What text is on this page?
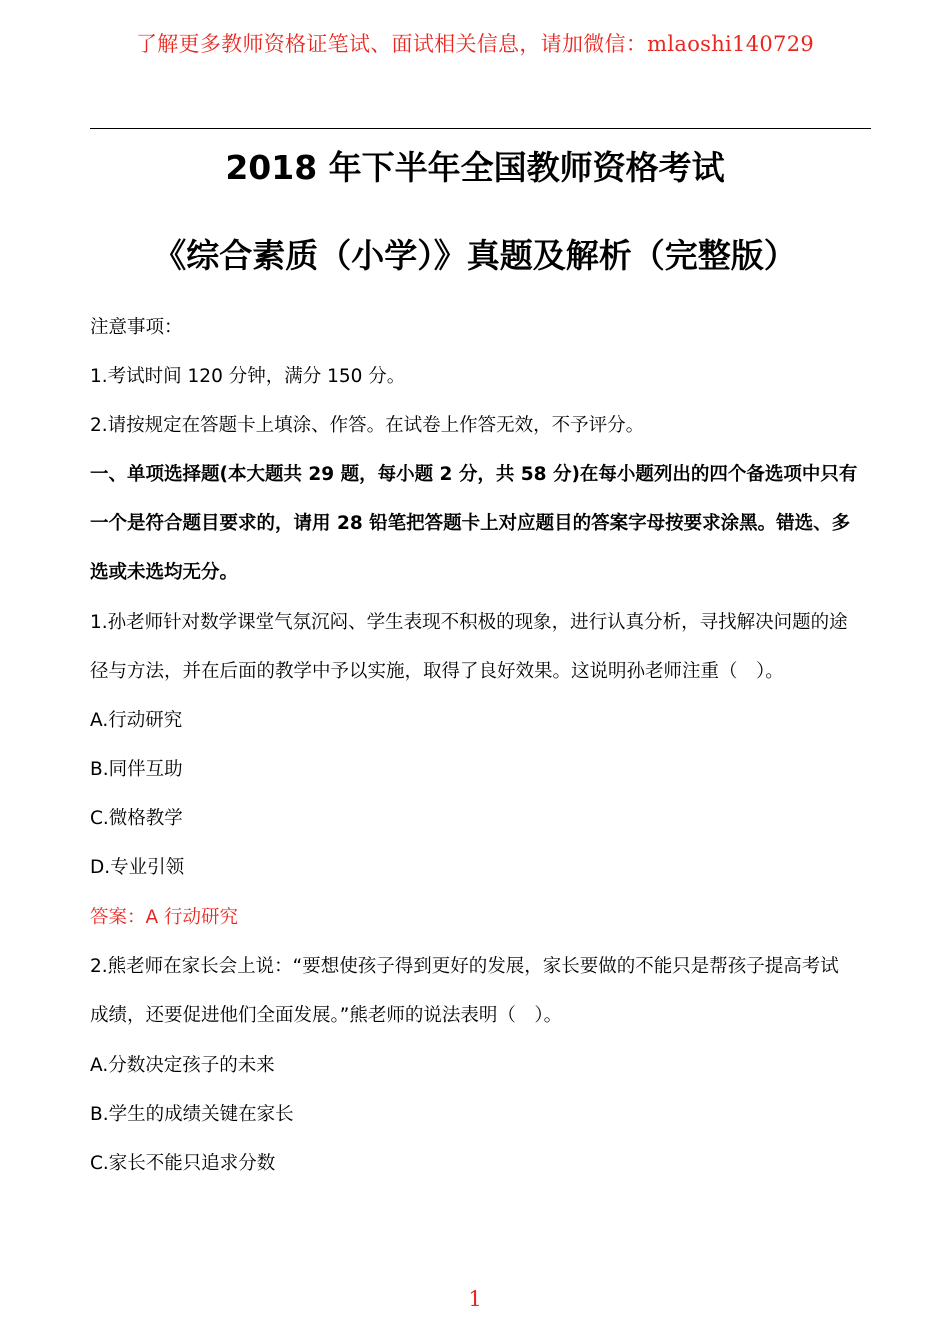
了解更多教师资格证笔试、面试相关信息，请加微信：mlaoshi140729
2018 年下半年全国教师资格考试
《综合素质（小学）》真题及解析（完整版）
注意事项：
1.考试时间 120 分钟，满分 150 分。
2.请按规定在答题卡上填涂、作答。在试卷上作答无效，不予评分。
一、单项选择题(本大题共 29 题，每小题 2 分，共 58 分)在每小题列出的四个备选项中只有
一个是符合题目要求的，请用 28 铅笔把答题卡上对应题目的答案字母按要求涂黑。错选、多
选或未选均无分。
1.孙老师针对数学课堂气氛沉闷、学生表现不积极的现象，进行认真分析，寻找解决问题的途
径与方法，并在后面的教学中予以实施，取得了良好效果。这说明孙老师注重（　）。
A.行动研究
B.同伴互助
C.微格教学
D.专业引领
答案：A 行动研究
2.熊老师在家长会上说：“要想使孩子得到更好的发展，家长要做的不能只是帮孩子提高考试
成绩，还要促进他们全面发展。”熊老师的说法表明（　）。
A.分数决定孩子的未来
B.学生的成绩关键在家长
C.家长不能只追求分数
1
